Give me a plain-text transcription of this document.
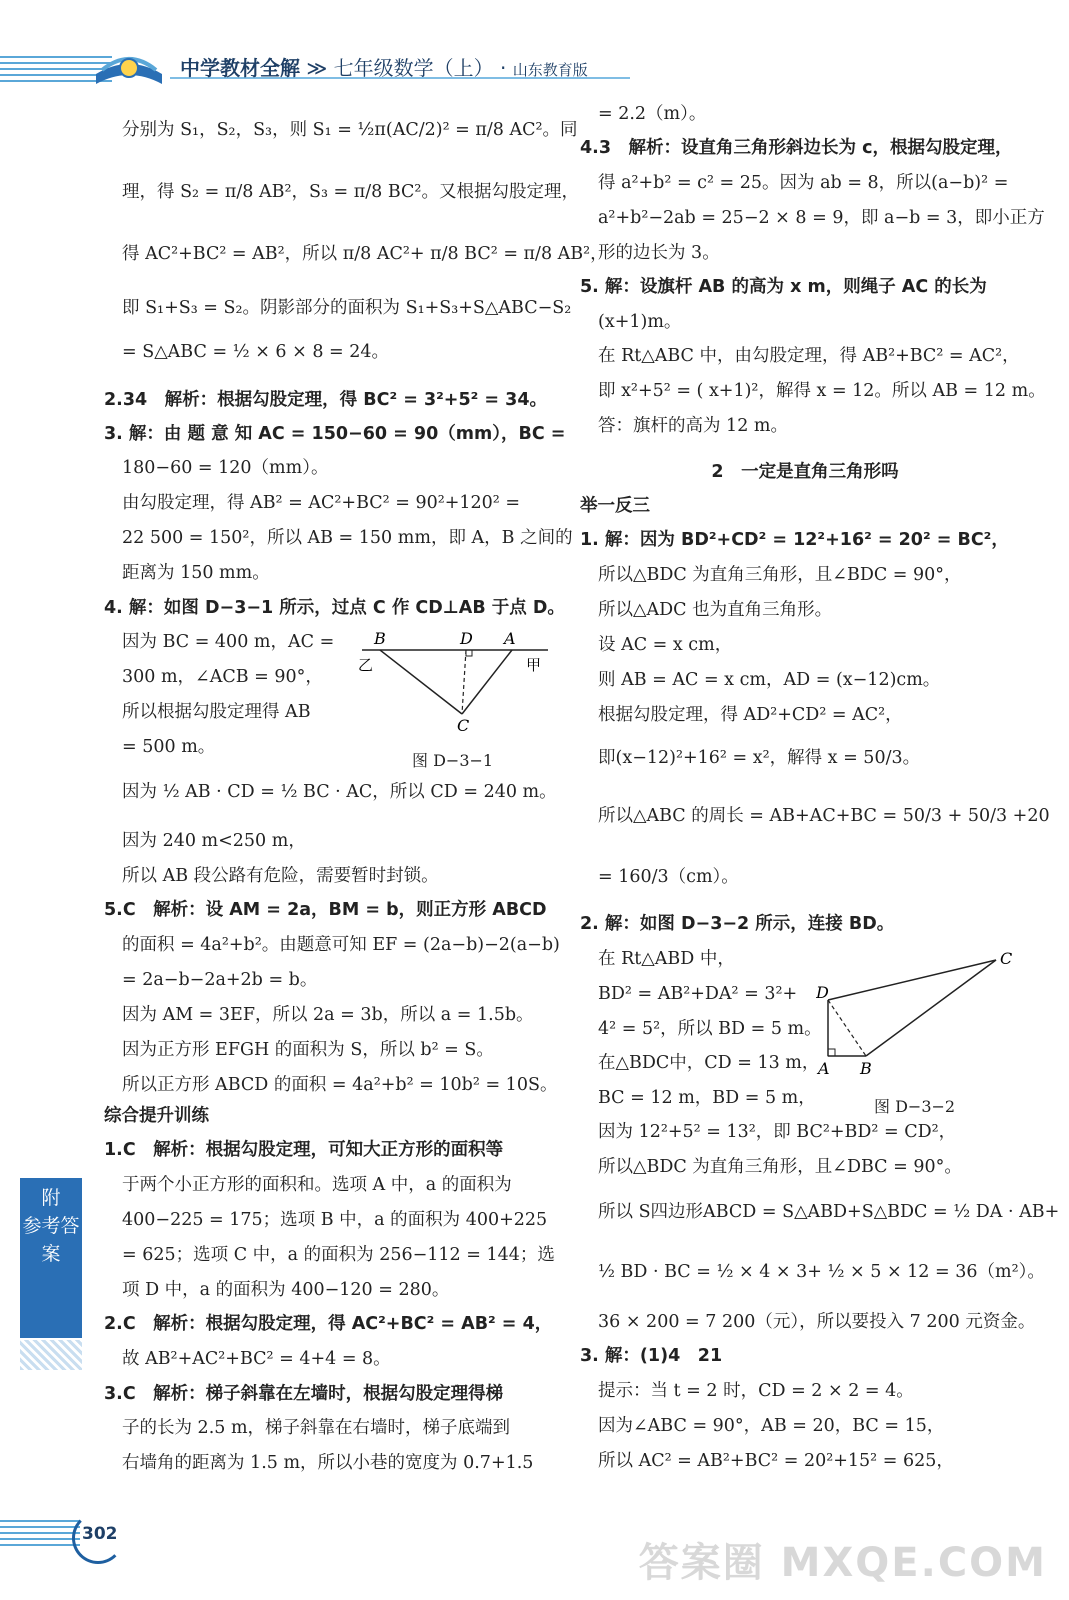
中学教材全解 ≫ 七年级数学（上） · 山东教育版
分别为 S₁，S₂，S₃，则 S₁ = ½π(AC/2)² = π/8 AC²。同
理，得 S₂ = π/8 AB²，S₃ = π/8 BC²。又根据勾股定理，
得 AC²+BC² = AB²，所以 π/8 AC²+ π/8 BC² = π/8 AB²，
即 S₁+S₃ = S₂。阴影部分的面积为 S₁+S₃+S△ABC−S₂
= S△ABC = ½ × 6 × 8 = 24。
2.34　解析：根据勾股定理，得 BC² = 3²+5² = 34。
3. 解：由 题 意 知 AC = 150−60 = 90（mm），BC =
180−60 = 120（mm）。
由勾股定理，得 AB² = AC²+BC² = 90²+120² =
22 500 = 150²，所以 AB = 150 mm，即 A，B 之间的
距离为 150 mm。
4. 解：如图 D−3−1 所示，过点 C 作 CD⊥AB 于点 D。
因为 BC = 400 m，AC =
300 m，∠ACB = 90°，
所以根据勾股定理得 AB
= 500 m。
B	D A
C
乙	甲
图 D−3−1
因为 ½ AB · CD = ½ BC · AC，所以 CD = 240 m。
因为 240 m<250 m，
所以 AB 段公路有危险，需要暂时封锁。
5.C　解析：设 AM = 2a，BM = b，则正方形 ABCD
的面积 = 4a²+b²。由题意可知 EF = (2a−b)−2(a−b)
= 2a−b−2a+2b = b。
因为 AM = 3EF，所以 2a = 3b，所以 a = 1.5b。
因为正方形 EFGH 的面积为 S，所以 b² = S。
所以正方形 ABCD 的面积 = 4a²+b² = 10b² = 10S。
综合提升训练
1.C　解析：根据勾股定理，可知大正方形的面积等
于两个小正方形的面积和。选项 A 中，a 的面积为
400−225 = 175；选项 B 中，a 的面积为 400+225
= 625；选项 C 中，a 的面积为 256−112 = 144；选
项 D 中，a 的面积为 400−120 = 280。
2.C　解析：根据勾股定理，得 AC²+BC² = AB² = 4，
故 AB²+AC²+BC² = 4+4 = 8。
3.C　解析：梯子斜靠在左墙时，根据勾股定理得梯
子的长为 2.5 m，梯子斜靠在右墙时，梯子底端到
右墙角的距离为 1.5 m，所以小巷的宽度为 0.7+1.5
= 2.2（m）。
4.3　解析：设直角三角形斜边长为 c，根据勾股定理，
得 a²+b² = c² = 25。因为 ab = 8，所以(a−b)² =
a²+b²−2ab = 25−2 × 8 = 9，即 a−b = 3，即小正方
形的边长为 3。
5. 解：设旗杆 AB 的高为 x m，则绳子 AC 的长为
(x+1)m。
在 Rt△ABC 中，由勾股定理，得 AB²+BC² = AC²，
即 x²+5² = ( x+1)²，解得 x = 12。所以 AB = 12 m。
答：旗杆的高为 12 m。
2　一定是直角三角形吗
举一反三
1. 解：因为 BD²+CD² = 12²+16² = 20² = BC²，
所以△BDC 为直角三角形，且∠BDC = 90°，
所以△ADC 也为直角三角形。
设 AC = x cm，
则 AB = AC = x cm，AD = (x−12)cm。
根据勾股定理，得 AD²+CD² = AC²，
即(x−12)²+16² = x²，解得 x = 50/3。
所以△ABC 的周长 = AB+AC+BC = 50/3 + 50/3 +20
= 160/3（cm）。
2. 解：如图 D−3−2 所示，连接 BD。
在 Rt△ABD 中，
BD² = AB²+DA² = 3²+
4² = 5²，所以 BD = 5 m。
在△BDC中，CD = 13 m，
BC = 12 m，BD = 5 m，
C
D
A B
图 D−3−2
因为 12²+5² = 13²，即 BC²+BD² = CD²，
所以△BDC 为直角三角形，且∠DBC = 90°。
所以 S四边形ABCD = S△ABD+S△BDC = ½ DA · AB+
½ BD · BC = ½ × 4 × 3+ ½ × 5 × 12 = 36（m²）。
36 × 200 = 7 200（元），所以要投入 7 200 元资金。
3. 解：(1)4　21
提示：当 t = 2 时，CD = 2 × 2 = 4。
因为∠ABC = 90°，AB = 20，BC = 15，
所以 AC² = AB²+BC² = 20²+15² = 625，
附
参考答案
302
答案圈 MXQE.COM
